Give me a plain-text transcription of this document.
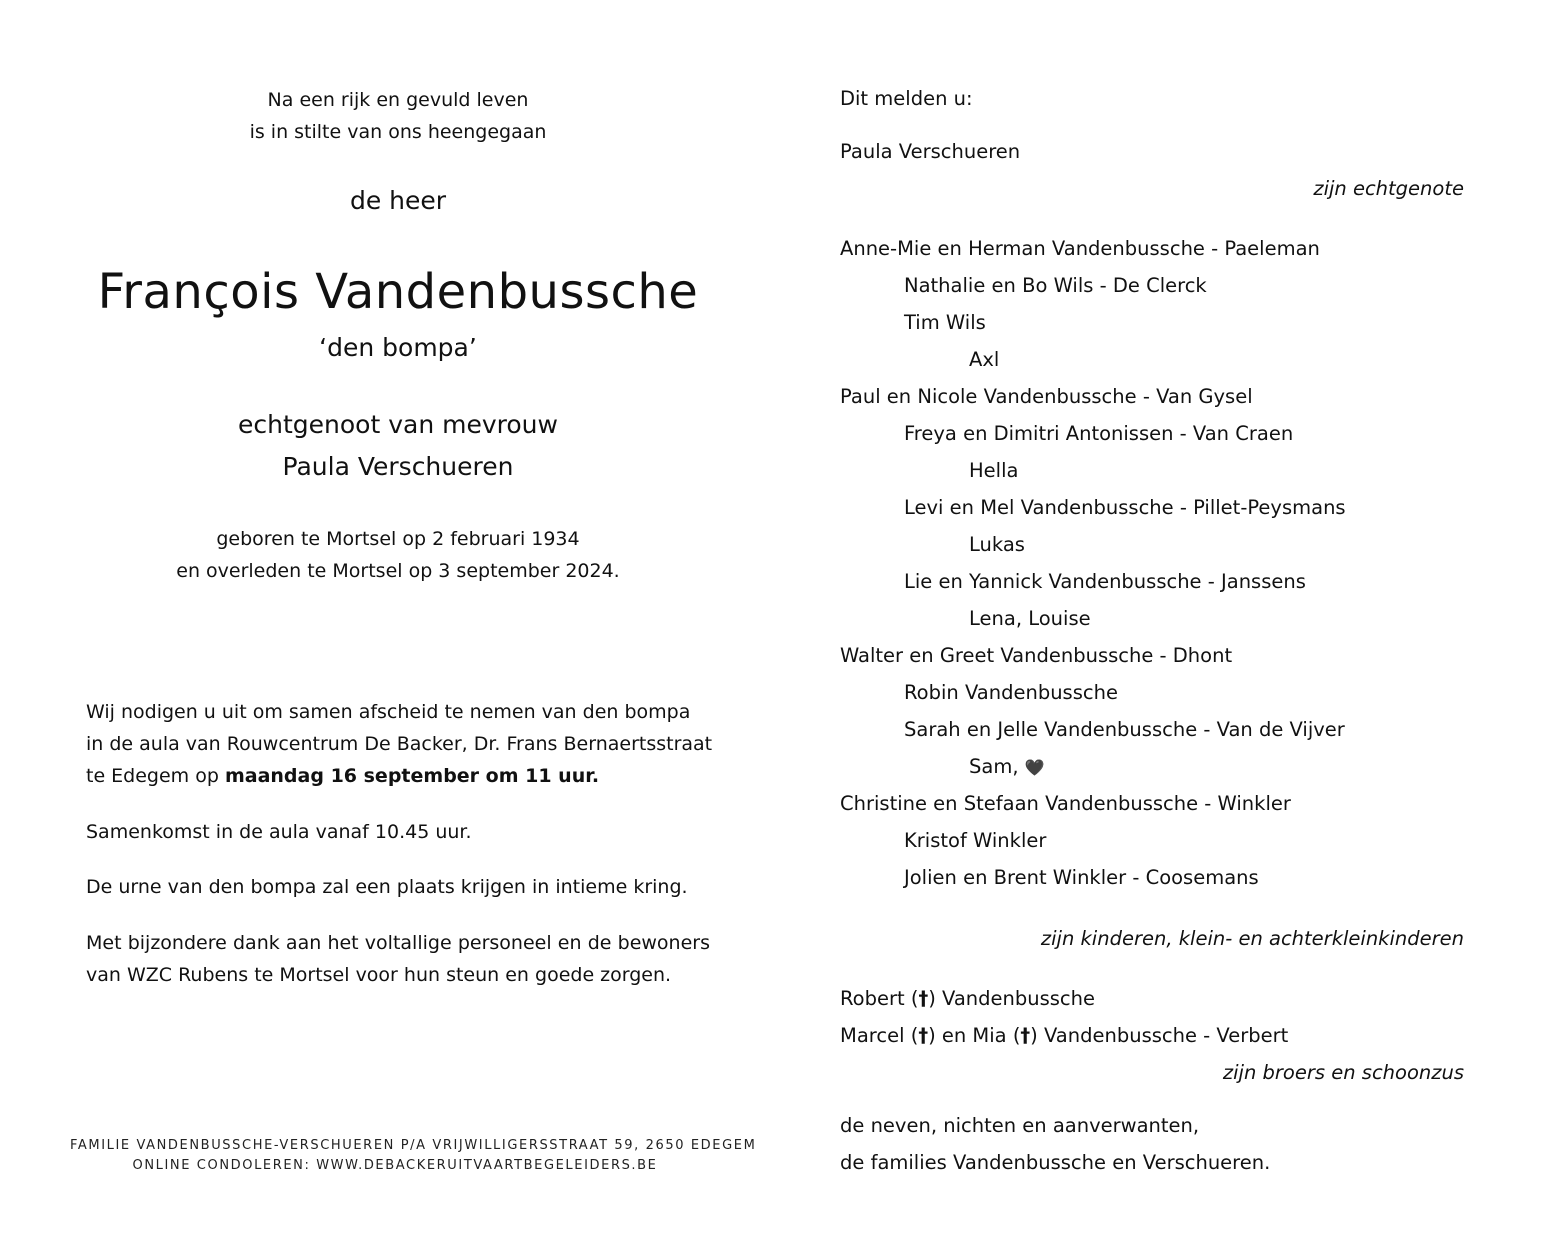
Na een rijk en gevuld leven
is in stilte van ons heengegaan
de heer
François Vandenbussche
‘den bompa’
echtgenoot van mevrouw
Paula Verschueren
geboren te Mortsel op 2 februari 1934
en overleden te Mortsel op 3 september 2024.
Wij nodigen u uit om samen afscheid te nemen van den bompa
in de aula van Rouwcentrum De Backer, Dr. Frans Bernaertsstraat
te Edegem op maandag 16 september om 11 uur.
Samenkomst in de aula vanaf 10.45 uur.
De urne van den bompa zal een plaats krijgen in intieme kring.
Met bijzondere dank aan het voltallige personeel en de bewoners van WZC Rubens te Mortsel voor hun steun en goede zorgen.
FAMILIE VANDENBUSSCHE-VERSCHUEREN P/A VRIJWILLIGERSSTRAAT 59, 2650 EDEGEM
ONLINE CONDOLEREN: WWW.DEBACKERUITVAARTBEGELEIDERS.BE
Dit melden u:
Paula Verschueren
zijn echtgenote
Anne-Mie en Herman Vandenbussche - Paeleman
Nathalie en Bo Wils - De Clerck
Tim Wils
Axl
Paul en Nicole Vandenbussche - Van Gysel
Freya en Dimitri Antonissen - Van Craen
Hella
Levi en Mel Vandenbussche - Pillet-Peysmans
Lukas
Lie en Yannick Vandenbussche - Janssens
Lena, Louise
Walter en Greet Vandenbussche - Dhont
Robin Vandenbussche
Sarah en Jelle Vandenbussche - Van de Vijver
Sam, 🖤
Christine en Stefaan Vandenbussche - Winkler
Kristof Winkler
Jolien en Brent Winkler - Coosemans
zijn kinderen, klein- en achterkleinkinderen
Robert (†) Vandenbussche
Marcel (†) en Mia (†) Vandenbussche - Verbert
zijn broers en schoonzus
de neven, nichten en aanverwanten,
de families Vandenbussche en Verschueren.
